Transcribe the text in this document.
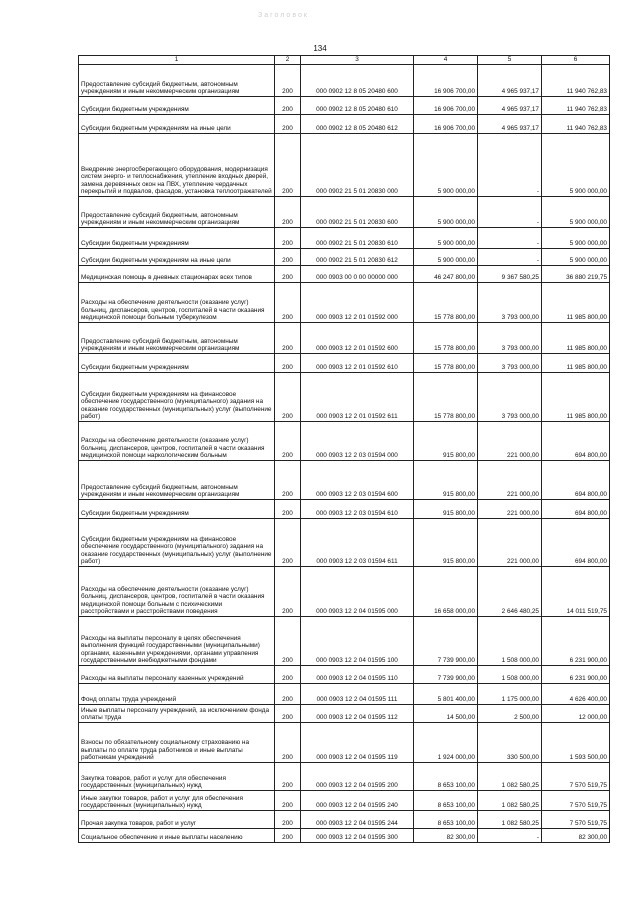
Заголовок
134
1	2	3	4	5	6
Предоставление субсидий бюджетным, автономным учреждениям и иным некоммерческим организациям	200	000 0902 12 8 05 20480 600	16 906 700,00	4 965 937,17	11 940 762,83
Субсидии бюджетным учреждениям	200	000 0902 12 8 05 20480 610	16 906 700,00	4 965 937,17	11 940 762,83
Субсидии бюджетным учреждениям на иные цели	200	000 0902 12 8 05 20480 612	16 906 700,00	4 965 937,17	11 940 762,83
Внедрение энергосберегающего оборудования, модернизация систем энерго- и теплоснабжения, утепление входных дверей, замена деревянных окон на ПВХ, утепление чердачных перекрытий и подвалов, фасадов, установка теплоотражателей	200	000 0902 21 5 01 20830 000	5 900 000,00	-	5 900 000,00
Предоставление субсидий бюджетным, автономным учреждениям и иным некоммерческим организациям	200	000 0902 21 5 01 20830 600	5 900 000,00	-	5 900 000,00
Субсидии бюджетным учреждениям	200	000 0902 21 5 01 20830 610	5 900 000,00	-	5 900 000,00
Субсидии бюджетным учреждениям на иные цели	200	000 0902 21 5 01 20830 612	5 900 000,00	-	5 900 000,00
Медицинская помощь в дневных стационарах всех типов	200	000 0903 00 0 00 00000 000	46 247 800,00	9 367 580,25	36 880 219,75
Расходы на обеспечение деятельности (оказание услуг) больниц, диспансеров, центров, госпиталей в части оказания медицинской помощи больным туберкулезом	200	000 0903 12 2 01 01592 000	15 778 800,00	3 793 000,00	11 985 800,00
Предоставление субсидий бюджетным, автономным учреждениям и иным некоммерческим организациям	200	000 0903 12 2 01 01592 600	15 778 800,00	3 793 000,00	11 985 800,00
Субсидии бюджетным учреждениям	200	000 0903 12 2 01 01592 610	15 778 800,00	3 793 000,00	11 985 800,00
Субсидии бюджетным учреждениям на финансовое обеспечение государственного (муниципального) задания на оказание государственных (муниципальных) услуг (выполнение работ)	200	000 0903 12 2 01 01592 611	15 778 800,00	3 793 000,00	11 985 800,00
Расходы на обеспечение деятельности (оказание услуг) больниц, диспансеров, центров, госпиталей в части оказания медицинской помощи наркологическим больным	200	000 0903 12 2 03 01594 000	915 800,00	221 000,00	694 800,00
Предоставление субсидий бюджетным, автономным учреждениям и иным некоммерческим организациям	200	000 0903 12 2 03 01594 600	915 800,00	221 000,00	694 800,00
Субсидии бюджетным учреждениям	200	000 0903 12 2 03 01594 610	915 800,00	221 000,00	694 800,00
Субсидии бюджетным учреждениям на финансовое обеспечение государственного (муниципального) задания на оказание государственных (муниципальных) услуг (выполнение работ)	200	000 0903 12 2 03 01594 611	915 800,00	221 000,00	694 800,00
Расходы на обеспечение деятельности (оказание услуг) больниц, диспансеров, центров, госпиталей в части оказания медицинской помощи больным с психическими расстройствами и расстройствами поведения	200	000 0903 12 2 04 01595 000	16 658 000,00	2 646 480,25	14 011 519,75
Расходы на выплаты персоналу в целях обеспечения выполнения функций государственными (муниципальными) органами, казенными учреждениями, органами управления государственными внебюджетными фондами	200	000 0903 12 2 04 01595 100	7 739 900,00	1 508 000,00	6 231 900,00
Расходы на выплаты персоналу казенных учреждений	200	000 0903 12 2 04 01595 110	7 739 900,00	1 508 000,00	6 231 900,00
Фонд оплаты труда учреждений	200	000 0903 12 2 04 01595 111	5 801 400,00	1 175 000,00	4 626 400,00
Иные выплаты персоналу учреждений, за исключением фонда оплаты труда	200	000 0903 12 2 04 01595 112	14 500,00	2 500,00	12 000,00
Взносы по обязательному социальному страхованию на выплаты по оплате труда работников и иные выплаты работникам учреждений	200	000 0903 12 2 04 01595 119	1 924 000,00	330 500,00	1 593 500,00
Закупка товаров, работ и услуг для обеспечения государственных (муниципальных) нужд	200	000 0903 12 2 04 01595 200	8 653 100,00	1 082 580,25	7 570 519,75
Иные закупки товаров, работ и услуг для обеспечения государственных (муниципальных) нужд	200	000 0903 12 2 04 01595 240	8 653 100,00	1 082 580,25	7 570 519,75
Прочая закупка товаров, работ и услуг	200	000 0903 12 2 04 01595 244	8 653 100,00	1 082 580,25	7 570 519,75
Социальное обеспечение и иные выплаты населению	200	000 0903 12 2 04 01595 300	82 300,00	-	82 300,00
